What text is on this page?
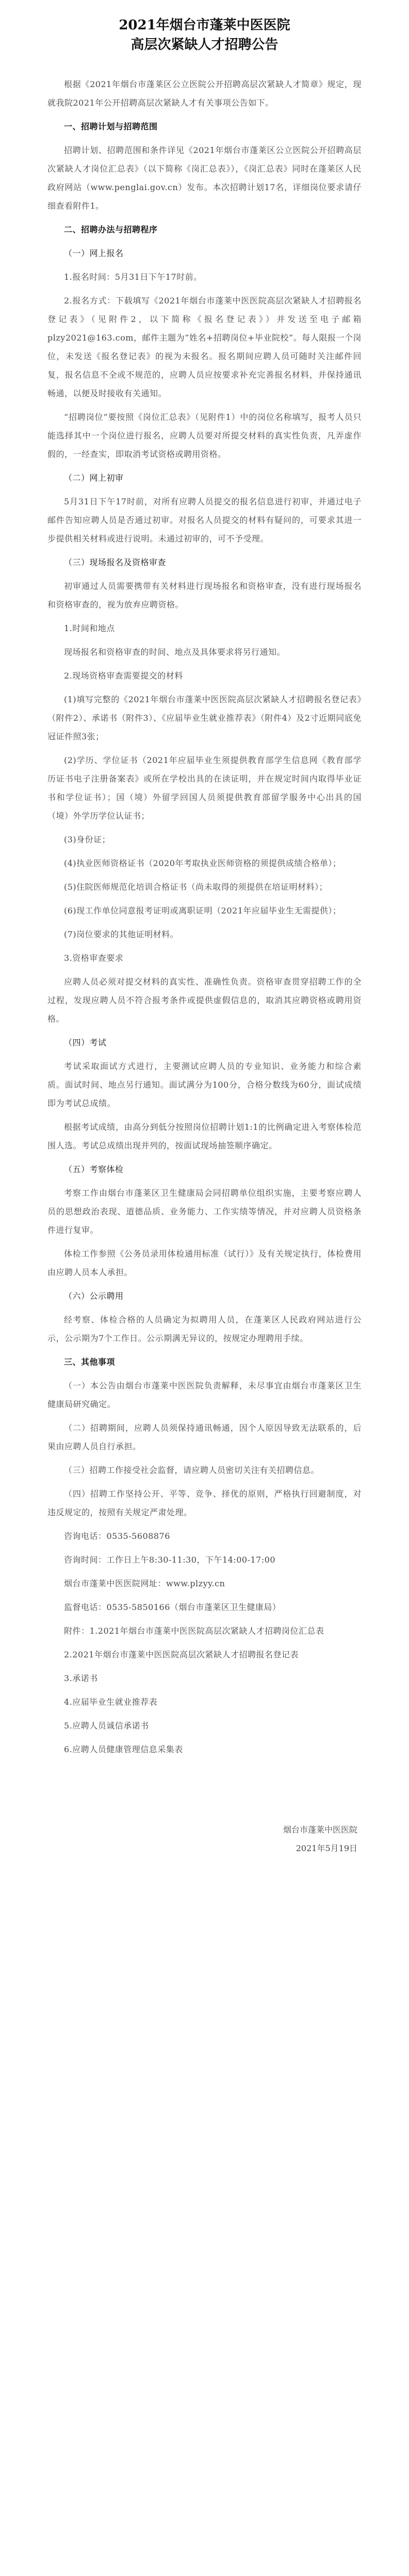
2021年烟台市蓬莱中医医院
高层次紧缺人才招聘公告

根据《2021年烟台市蓬莱区公立医院公开招聘高层次紧缺人才简章》规定，现就我院2021年公开招聘高层次紧缺人才有关事项公告如下。

一、招聘计划与招聘范围

招聘计划、招聘范围和条件详见《2021年烟台市蓬莱区公立医院公开招聘高层次紧缺人才岗位汇总表》（以下简称《岗汇总表》），《岗汇总表》同时在蓬莱区人民政府网站（www.penglai.gov.cn）发布。本次招聘计划17名，详细岗位要求请仔细查看附件1。

二、招聘办法与招聘程序

（一）网上报名

1.报名时间：5月31日下午17时前。

2.报名方式：下载填写《2021年烟台市蓬莱中医医院高层次紧缺人才招聘报名登记表》（见附件2，以下简称《报名登记表》）并发送至电子邮箱plzy2021@163.com，邮件主题为“姓名+招聘岗位+毕业院校”。每人限报一个岗位，未发送《报名登记表》的视为未报名。报名期间应聘人员可随时关注邮件回复，报名信息不全或不规范的，应聘人员应按要求补充完善报名材料，并保持通讯畅通，以便及时接收有关通知。

“招聘岗位”要按照《岗位汇总表》（见附件1）中的岗位名称填写，报考人员只能选择其中一个岗位进行报名，应聘人员要对所提交材料的真实性负责，凡弄虚作假的，一经查实，即取消考试资格或聘用资格。

（二）网上初审

5月31日下午17时前，对所有应聘人员提交的报名信息进行初审，并通过电子邮件告知应聘人员是否通过初审。对报名人员提交的材料有疑问的，可要求其进一步提供相关材料或进行说明。未通过初审的，可不予受理。

（三）现场报名及资格审查

初审通过人员需要携带有关材料进行现场报名和资格审查，没有进行现场报名和资格审查的，视为放弃应聘资格。

1.时间和地点

现场报名和资格审查的时间、地点及具体要求将另行通知。

2.现场资格审查需要提交的材料

(1)填写完整的《2021年烟台市蓬莱中医医院高层次紧缺人才招聘报名登记表》（附件2）、承诺书（附件3）、《应届毕业生就业推荐表》（附件4）及2寸近期同底免冠证件照3张；

(2)学历、学位证书（2021年应届毕业生须提供教育部学生信息网《教育部学历证书电子注册备案表》或所在学校出具的在读证明，并在规定时间内取得毕业证书和学位证书）；国（境）外留学回国人员须提供教育部留学服务中心出具的国（境）外学历学位认证书；

(3)身份证；

(4)执业医师资格证书（2020年考取执业医师资格的须提供成绩合格单）；

(5)住院医师规范化培训合格证书（尚未取得的须提供在培证明材料）；

(6)现工作单位同意报考证明或离职证明（2021年应届毕业生无需提供）；

(7)岗位要求的其他证明材料。

3.资格审查要求

应聘人员必须对提交材料的真实性、准确性负责。资格审查贯穿招聘工作的全过程，发现应聘人员不符合报考条件或提供虚假信息的，取消其应聘资格或聘用资格。

（四）考试

考试采取面试方式进行，主要测试应聘人员的专业知识、业务能力和综合素质。面试时间、地点另行通知。面试满分为100分，合格分数线为60分，面试成绩即为考试总成绩。

根据考试成绩，由高分到低分按照岗位招聘计划1:1的比例确定进入考察体检范围人选。考试总成绩出现并列的，按面试现场抽签顺序确定。

（五）考察体检

考察工作由烟台市蓬莱区卫生健康局会同招聘单位组织实施，主要考察应聘人员的思想政治表现、道德品质、业务能力、工作实绩等情况，并对应聘人员资格条件进行复审。

体检工作参照《公务员录用体检通用标准（试行）》及有关规定执行，体检费用由应聘人员本人承担。

（六）公示聘用

经考察、体检合格的人员确定为拟聘用人员，在蓬莱区人民政府网站进行公示，公示期为7个工作日。公示期满无异议的，按规定办理聘用手续。

三、其他事项

（一）本公告由烟台市蓬莱中医医院负责解释，未尽事宜由烟台市蓬莱区卫生健康局研究确定。

（二）招聘期间，应聘人员须保持通讯畅通，因个人原因导致无法联系的，后果由应聘人员自行承担。

（三）招聘工作接受社会监督，请应聘人员密切关注有关招聘信息。

（四）招聘工作坚持公开、平等、竞争、择优的原则，严格执行回避制度，对违反规定的，按照有关规定严肃处理。

咨询电话：0535-5608876

咨询时间：工作日上午8:30-11:30，下午14:00-17:00

烟台市蓬莱中医医院网址：www.plzyy.cn

监督电话：0535-5850166（烟台市蓬莱区卫生健康局）

附件：1.2021年烟台市蓬莱中医医院高层次紧缺人才招聘岗位汇总表

2.2021年烟台市蓬莱中医医院高层次紧缺人才招聘报名登记表

3.承诺书

4.应届毕业生就业推荐表

5.应聘人员诚信承诺书

6.应聘人员健康管理信息采集表

烟台市蓬莱中医医院

2021年5月19日
